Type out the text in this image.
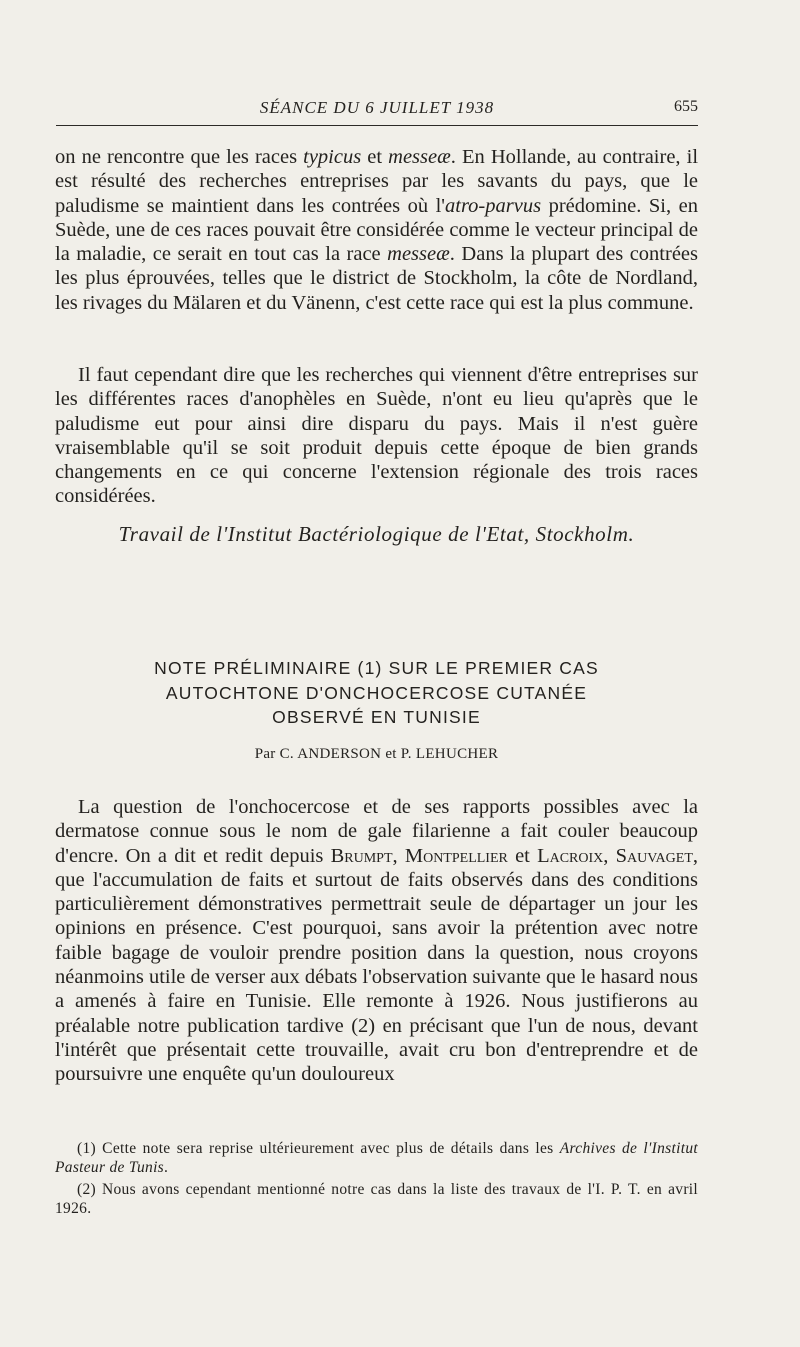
SÉANCE DU 6 JUILLET 1938	655

on ne rencontre que les races typicus et messeæ. En Hollande, au contraire, il est résulté des recherches entreprises par les savants du pays, que le paludisme se maintient dans les contrées où l'atro-parvus prédomine. Si, en Suède, une de ces races pouvait être considérée comme le vecteur principal de la maladie, ce serait en tout cas la race messeæ. Dans la plupart des contrées les plus éprouvées, telles que le district de Stockholm, la côte de Nordland, les rivages du Mälaren et du Vänenn, c'est cette race qui est la plus commune.

Il faut cependant dire que les recherches qui viennent d'être entreprises sur les différentes races d'anophèles en Suède, n'ont eu lieu qu'après que le paludisme eut pour ainsi dire disparu du pays. Mais il n'est guère vraisemblable qu'il se soit produit depuis cette époque de bien grands changements en ce qui concerne l'extension régionale des trois races considérées.

Travail de l'Institut Bactériologique de l'Etat, Stockholm.
NOTE PRÉLIMINAIRE (1) SUR LE PREMIER CAS
AUTOCHTONE D'ONCHOCERCOSE CUTANÉE
OBSERVÉ EN TUNISIE
Par C. ANDERSON et P. LEHUCHER

La question de l'onchocercose et de ses rapports possibles avec la dermatose connue sous le nom de gale filarienne a fait couler beaucoup d'encre. On a dit et redit depuis Brumpt, Montpellier et Lacroix, Sauvaget, que l'accumulation de faits et surtout de faits observés dans des conditions particulièrement démonstratives permettrait seule de départager un jour les opinions en présence. C'est pourquoi, sans avoir la prétention avec notre faible bagage de vouloir prendre position dans la question, nous croyons néanmoins utile de verser aux débats l'observation suivante que le hasard nous a amenés à faire en Tunisie. Elle remonte à 1926. Nous justifierons au préalable notre publication tardive (2) en précisant que l'un de nous, devant l'intérêt que présentait cette trouvaille, avait cru bon d'entreprendre et de poursuivre une enquête qu'un douloureux

(1) Cette note sera reprise ultérieurement avec plus de détails dans les Archives de l'Institut Pasteur de Tunis.

(2) Nous avons cependant mentionné notre cas dans la liste des travaux de l'I. P. T. en avril 1926.
